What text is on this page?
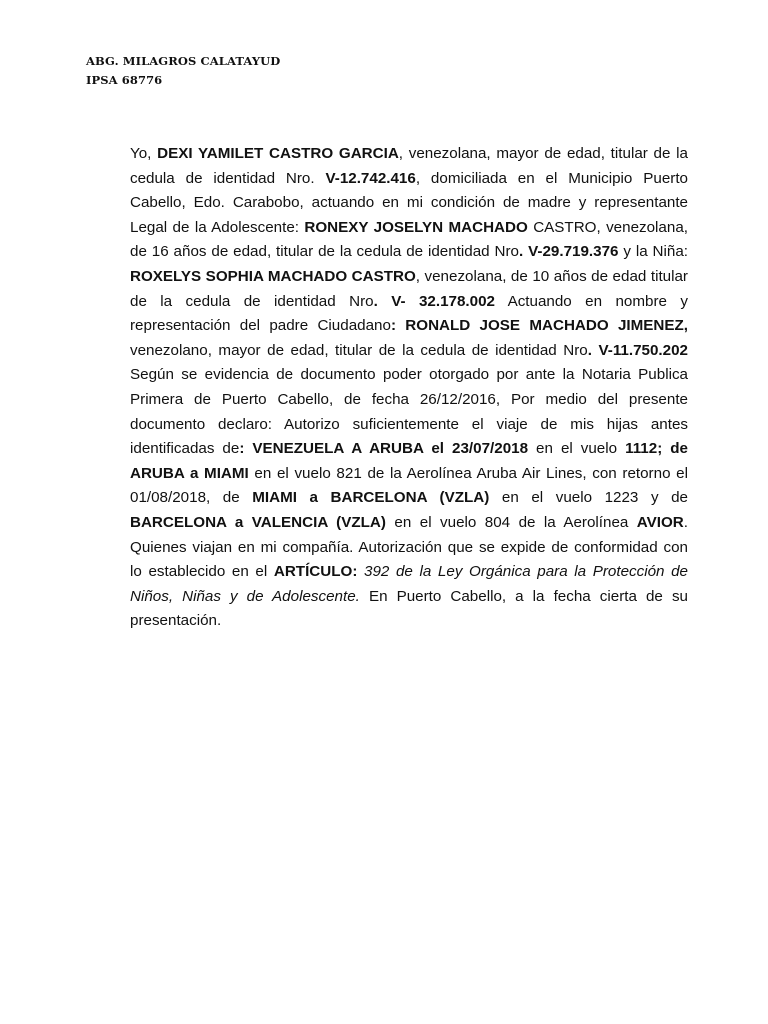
ABG. MILAGROS CALATAYUD
IPSA 68776
Yo, DEXI YAMILET CASTRO GARCIA, venezolana, mayor de edad, titular de la cedula de identidad Nro. V-12.742.416, domiciliada en el Municipio Puerto Cabello, Edo. Carabobo, actuando en mi condición de madre y representante Legal de la Adolescente: RONEXY JOSELYN MACHADO CASTRO, venezolana, de 16 años de edad, titular de la cedula de identidad Nro. V-29.719.376 y la Niña: ROXELYS SOPHIA MACHADO CASTRO, venezolana, de 10 años de edad titular de la cedula de identidad Nro. V- 32.178.002 Actuando en nombre y representación del padre Ciudadano: RONALD JOSE MACHADO JIMENEZ, venezolano, mayor de edad, titular de la cedula de identidad Nro. V-11.750.202 Según se evidencia de documento poder otorgado por ante la Notaria Publica Primera de Puerto Cabello, de fecha 26/12/2016, Por medio del presente documento declaro: Autorizo suficientemente el viaje de mis hijas antes identificadas de: VENEZUELA A ARUBA el 23/07/2018 en el vuelo 1112; de ARUBA a MIAMI en el vuelo 821 de la Aerolínea Aruba Air Lines, con retorno el 01/08/2018, de MIAMI a BARCELONA (VZLA) en el vuelo 1223 y de BARCELONA a VALENCIA (VZLA) en el vuelo 804 de la Aerolínea AVIOR. Quienes viajan en mi compañía. Autorización que se expide de conformidad con lo establecido en el ARTÍCULO: 392 de la Ley Orgánica para la Protección de Niños, Niñas y de Adolescente. En Puerto Cabello, a la fecha cierta de su presentación.
